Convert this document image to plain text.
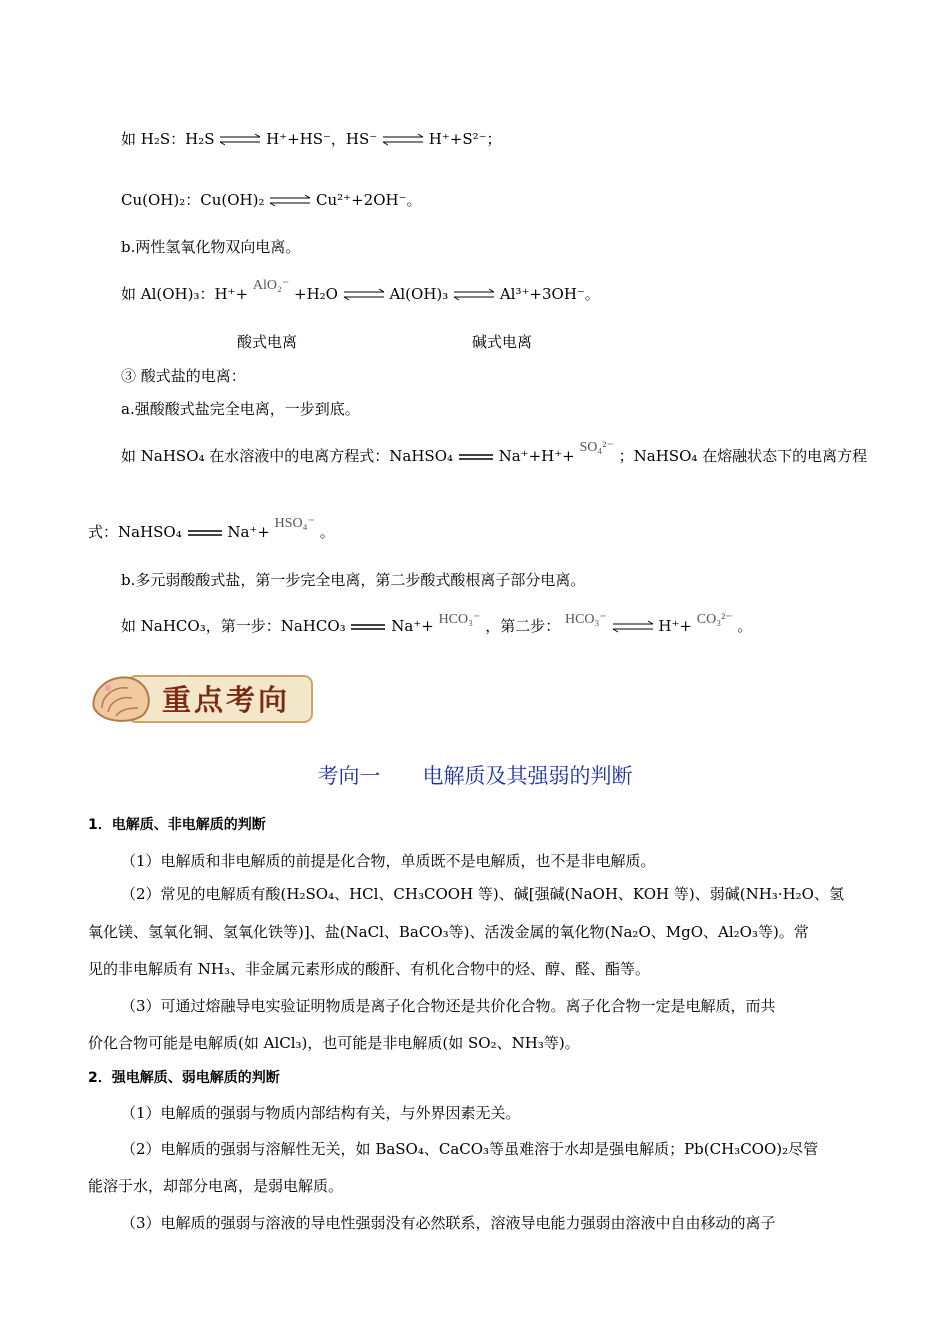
如 H₂S：H₂S ⇌ H⁺+HS⁻，HS⁻ ⇌ H⁺+S²⁻；
Cu(OH)₂：Cu(OH)₂ ⇌ Cu²⁺+2OH⁻。
b.两性氢氧化物双向电离。
如 Al(OH)₃：H⁺+ AlO₂⁻ +H₂O ⇌ Al(OH)₃ ⇌ Al³⁺+3OH⁻。
酸式电离	碱式电离
③ 酸式盐的电离：
a.强酸酸式盐完全电离，一步到底。
如 NaHSO₄ 在水溶液中的电离方程式：NaHSO₄	Na⁺+H⁺+ SO₄²⁻ ；NaHSO₄ 在熔融状态下的电离方程
式：NaHSO₄	Na⁺+ HSO₄⁻ 。
b.多元弱酸酸式盐，第一步完全电离，第二步酸式酸根离子部分电离。
如 NaHCO₃，第一步：NaHCO₃	Na⁺+ HCO₃⁻ ，第二步： HCO₃⁻ ⇌ H⁺+ CO₃²⁻ 。
重点考向
考向一　　电解质及其强弱的判断
1．电解质、非电解质的判断
（1）电解质和非电解质的前提是化合物，单质既不是电解质，也不是非电解质。
（2）常见的电解质有酸(H₂SO₄、HCl、CH₃COOH 等)、碱[强碱(NaOH、KOH 等)、弱碱(NH₃·H₂O、氢
氧化镁、氢氧化铜、氢氧化铁等)]、盐(NaCl、BaCO₃等)、活泼金属的氧化物(Na₂O、MgO、Al₂O₃等)。常
见的非电解质有 NH₃、非金属元素形成的酸酐、有机化合物中的烃、醇、醛、酯等。
（3）可通过熔融导电实验证明物质是离子化合物还是共价化合物。离子化合物一定是电解质，而共
价化合物可能是电解质(如 AlCl₃)，也可能是非电解质(如 SO₂、NH₃等)。
2．强电解质、弱电解质的判断
（1）电解质的强弱与物质内部结构有关，与外界因素无关。
（2）电解质的强弱与溶解性无关，如 BaSO₄、CaCO₃等虽难溶于水却是强电解质；Pb(CH₃COO)₂尽管
能溶于水，却部分电离，是弱电解质。
（3）电解质的强弱与溶液的导电性强弱没有必然联系，溶液导电能力强弱由溶液中自由移动的离子
